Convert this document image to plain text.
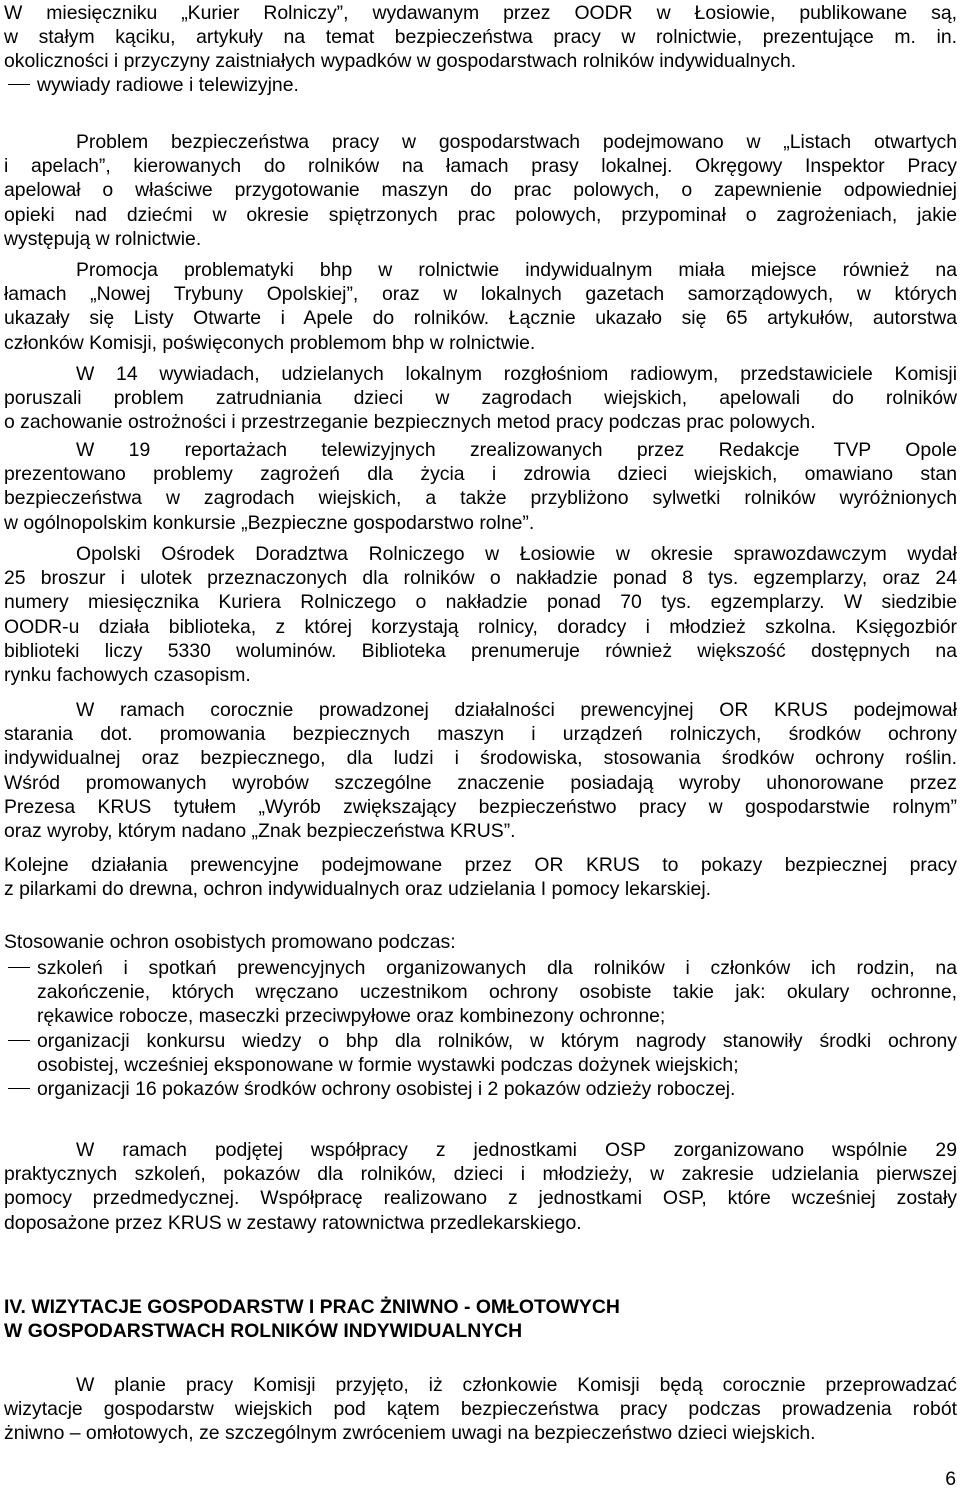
W miesięczniku „Kurier Rolniczy”, wydawanym przez OODR w Łosiowie, publikowane są,
w stałym kąciku, artykuły na temat bezpieczeństwa pracy w rolnictwie, prezentujące m. in.
okoliczności i przyczyny zaistniałych wypadków w gospodarstwach rolników indywidualnych.
wywiady radiowe i telewizyjne.
Problem bezpieczeństwa pracy w gospodarstwach podejmowano w „Listach otwartych
i apelach”, kierowanych do rolników na łamach prasy lokalnej. Okręgowy Inspektor Pracy
apelował o właściwe przygotowanie maszyn do prac polowych, o zapewnienie odpowiedniej
opieki nad dziećmi w okresie spiętrzonych prac polowych, przypominał o zagrożeniach, jakie
występują w rolnictwie.
Promocja problematyki bhp w rolnictwie indywidualnym miała miejsce również na
łamach „Nowej Trybuny Opolskiej”, oraz w lokalnych gazetach samorządowych, w których
ukazały się Listy Otwarte i Apele do rolników. Łącznie ukazało się 65 artykułów, autorstwa
członków Komisji, poświęconych problemom bhp w rolnictwie.
W 14 wywiadach, udzielanych lokalnym rozgłośniom radiowym, przedstawiciele Komisji
poruszali problem zatrudniania dzieci w zagrodach wiejskich, apelowali do rolników
o zachowanie ostrożności i przestrzeganie bezpiecznych metod pracy podczas prac polowych.
W 19 reportażach telewizyjnych zrealizowanych przez Redakcje TVP Opole
prezentowano problemy zagrożeń dla życia i zdrowia dzieci wiejskich, omawiano stan
bezpieczeństwa w zagrodach wiejskich, a także przybliżono sylwetki rolników wyróżnionych
w ogólnopolskim konkursie „Bezpieczne gospodarstwo rolne”.
Opolski Ośrodek Doradztwa Rolniczego w Łosiowie w okresie sprawozdawczym wydał
25 broszur i ulotek przeznaczonych dla rolników o nakładzie ponad 8 tys. egzemplarzy, oraz 24
numery miesięcznika Kuriera Rolniczego o nakładzie ponad 70 tys. egzemplarzy. W siedzibie
OODR-u działa biblioteka, z której korzystają rolnicy, doradcy i młodzież szkolna. Księgozbiór
biblioteki liczy 5330 woluminów. Biblioteka prenumeruje również większość dostępnych na
rynku fachowych czasopism.
W ramach corocznie prowadzonej działalności prewencyjnej OR KRUS podejmował
starania dot. promowania bezpiecznych maszyn i urządzeń rolniczych, środków ochrony
indywidualnej oraz bezpiecznego, dla ludzi i środowiska, stosowania środków ochrony roślin.
Wśród promowanych wyrobów szczególne znaczenie posiadają wyroby uhonorowane przez
Prezesa KRUS tytułem „Wyrób zwiększający bezpieczeństwo pracy w gospodarstwie rolnym”
oraz wyroby, którym nadano „Znak bezpieczeństwa KRUS”.
Kolejne działania prewencyjne podejmowane przez OR KRUS to pokazy bezpiecznej pracy
z pilarkami do drewna, ochron indywidualnych oraz udzielania I pomocy lekarskiej.
Stosowanie ochron osobistych promowano podczas:
szkoleń i spotkań prewencyjnych organizowanych dla rolników i członków ich rodzin, na
zakończenie, których wręczano uczestnikom ochrony osobiste takie jak: okulary ochronne,
rękawice robocze, maseczki przeciwpyłowe oraz kombinezony ochronne;
organizacji konkursu wiedzy o bhp dla rolników, w którym nagrody stanowiły środki ochrony
osobistej, wcześniej eksponowane w formie wystawki podczas dożynek wiejskich;
organizacji 16 pokazów środków ochrony osobistej i 2 pokazów odzieży roboczej.
W ramach podjętej współpracy z jednostkami OSP zorganizowano wspólnie 29
praktycznych szkoleń, pokazów dla rolników, dzieci i młodzieży, w zakresie udzielania pierwszej
pomocy przedmedycznej. Współpracę realizowano z jednostkami OSP, które wcześniej zostały
doposażone przez KRUS w zestawy ratownictwa przedlekarskiego.
IV. WIZYTACJE GOSPODARSTW I PRAC ŻNIWNO - OMŁOTOWYCH
W GOSPODARSTWACH ROLNIKÓW INDYWIDUALNYCH
W planie pracy Komisji przyjęto, iż członkowie Komisji będą corocznie przeprowadzać
wizytacje gospodarstw wiejskich pod kątem bezpieczeństwa pracy podczas prowadzenia robót
żniwno – omłotowych, ze szczególnym zwróceniem uwagi na bezpieczeństwo dzieci wiejskich.
6
